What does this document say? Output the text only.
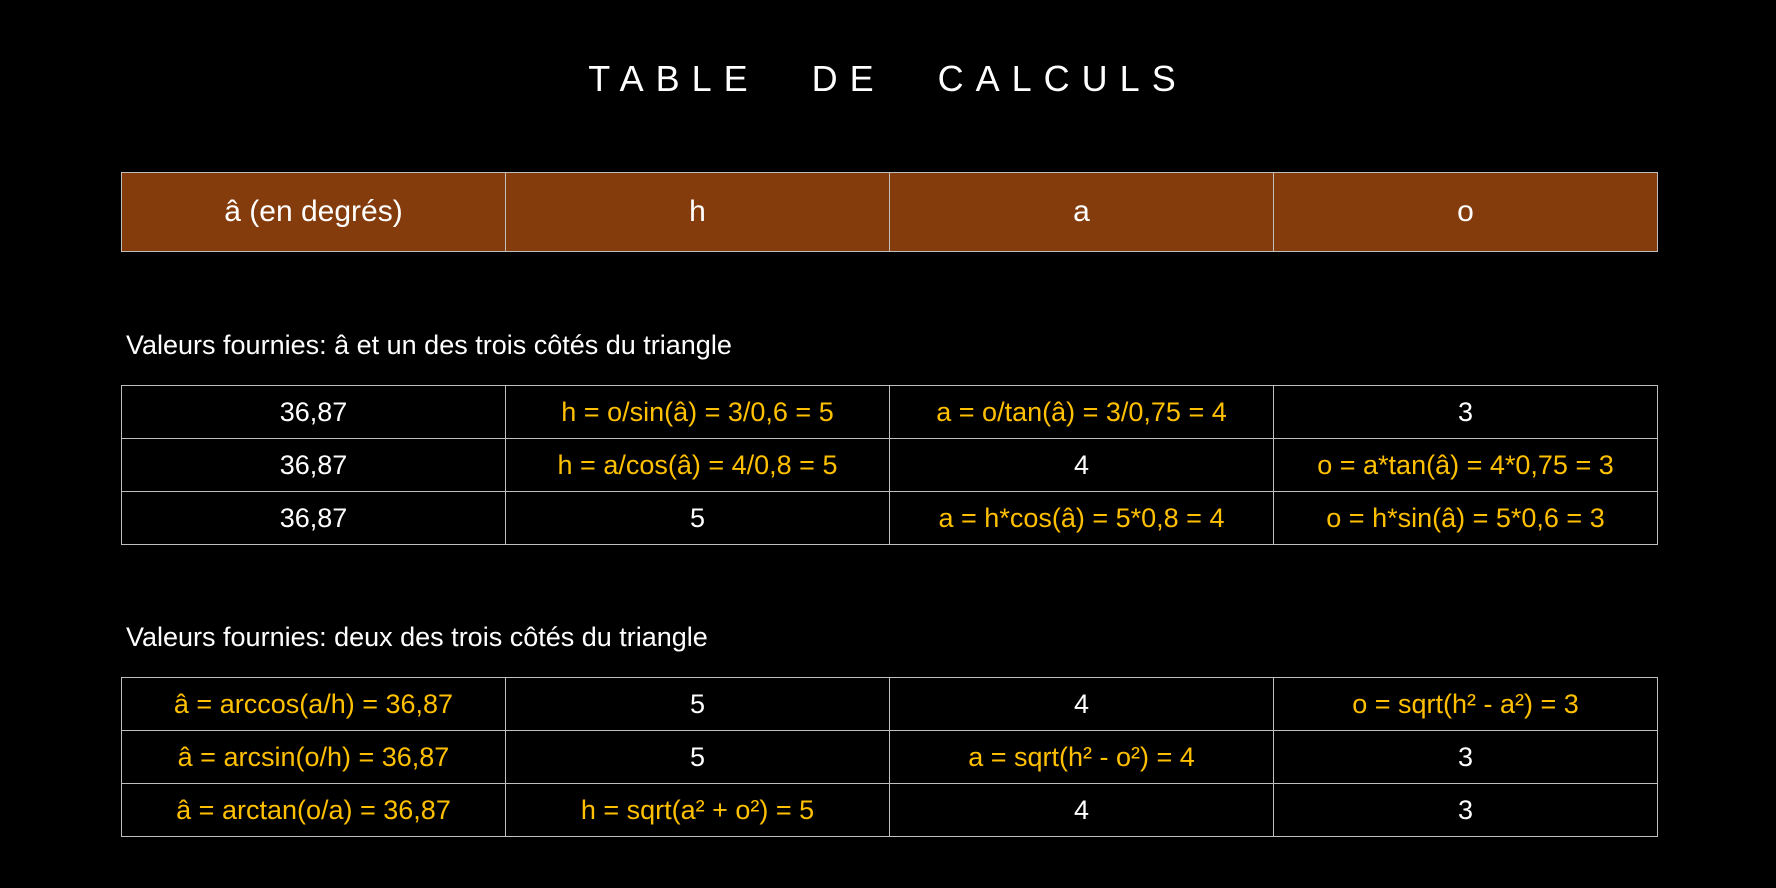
TABLE DE CALCULS
â (en degrés)	h	a	o
Valeurs fournies: â et un des trois côtés du triangle
36,87	h = o/sin(â) = 3/0,6 = 5	a = o/tan(â) = 3/0,75 = 4	3
36,87	h = a/cos(â) = 4/0,8 = 5	4	o = a*tan(â) = 4*0,75 = 3
36,87	5	a = h*cos(â) = 5*0,8 = 4	o = h*sin(â) = 5*0,6 = 3
Valeurs fournies: deux des trois côtés du triangle
â = arccos(a/h) = 36,87	5	4	o = sqrt(h² - a²) = 3
â = arcsin(o/h) = 36,87	5	a = sqrt(h² - o²) = 4	3
â = arctan(o/a) = 36,87	h = sqrt(a² + o²) = 5	4	3
